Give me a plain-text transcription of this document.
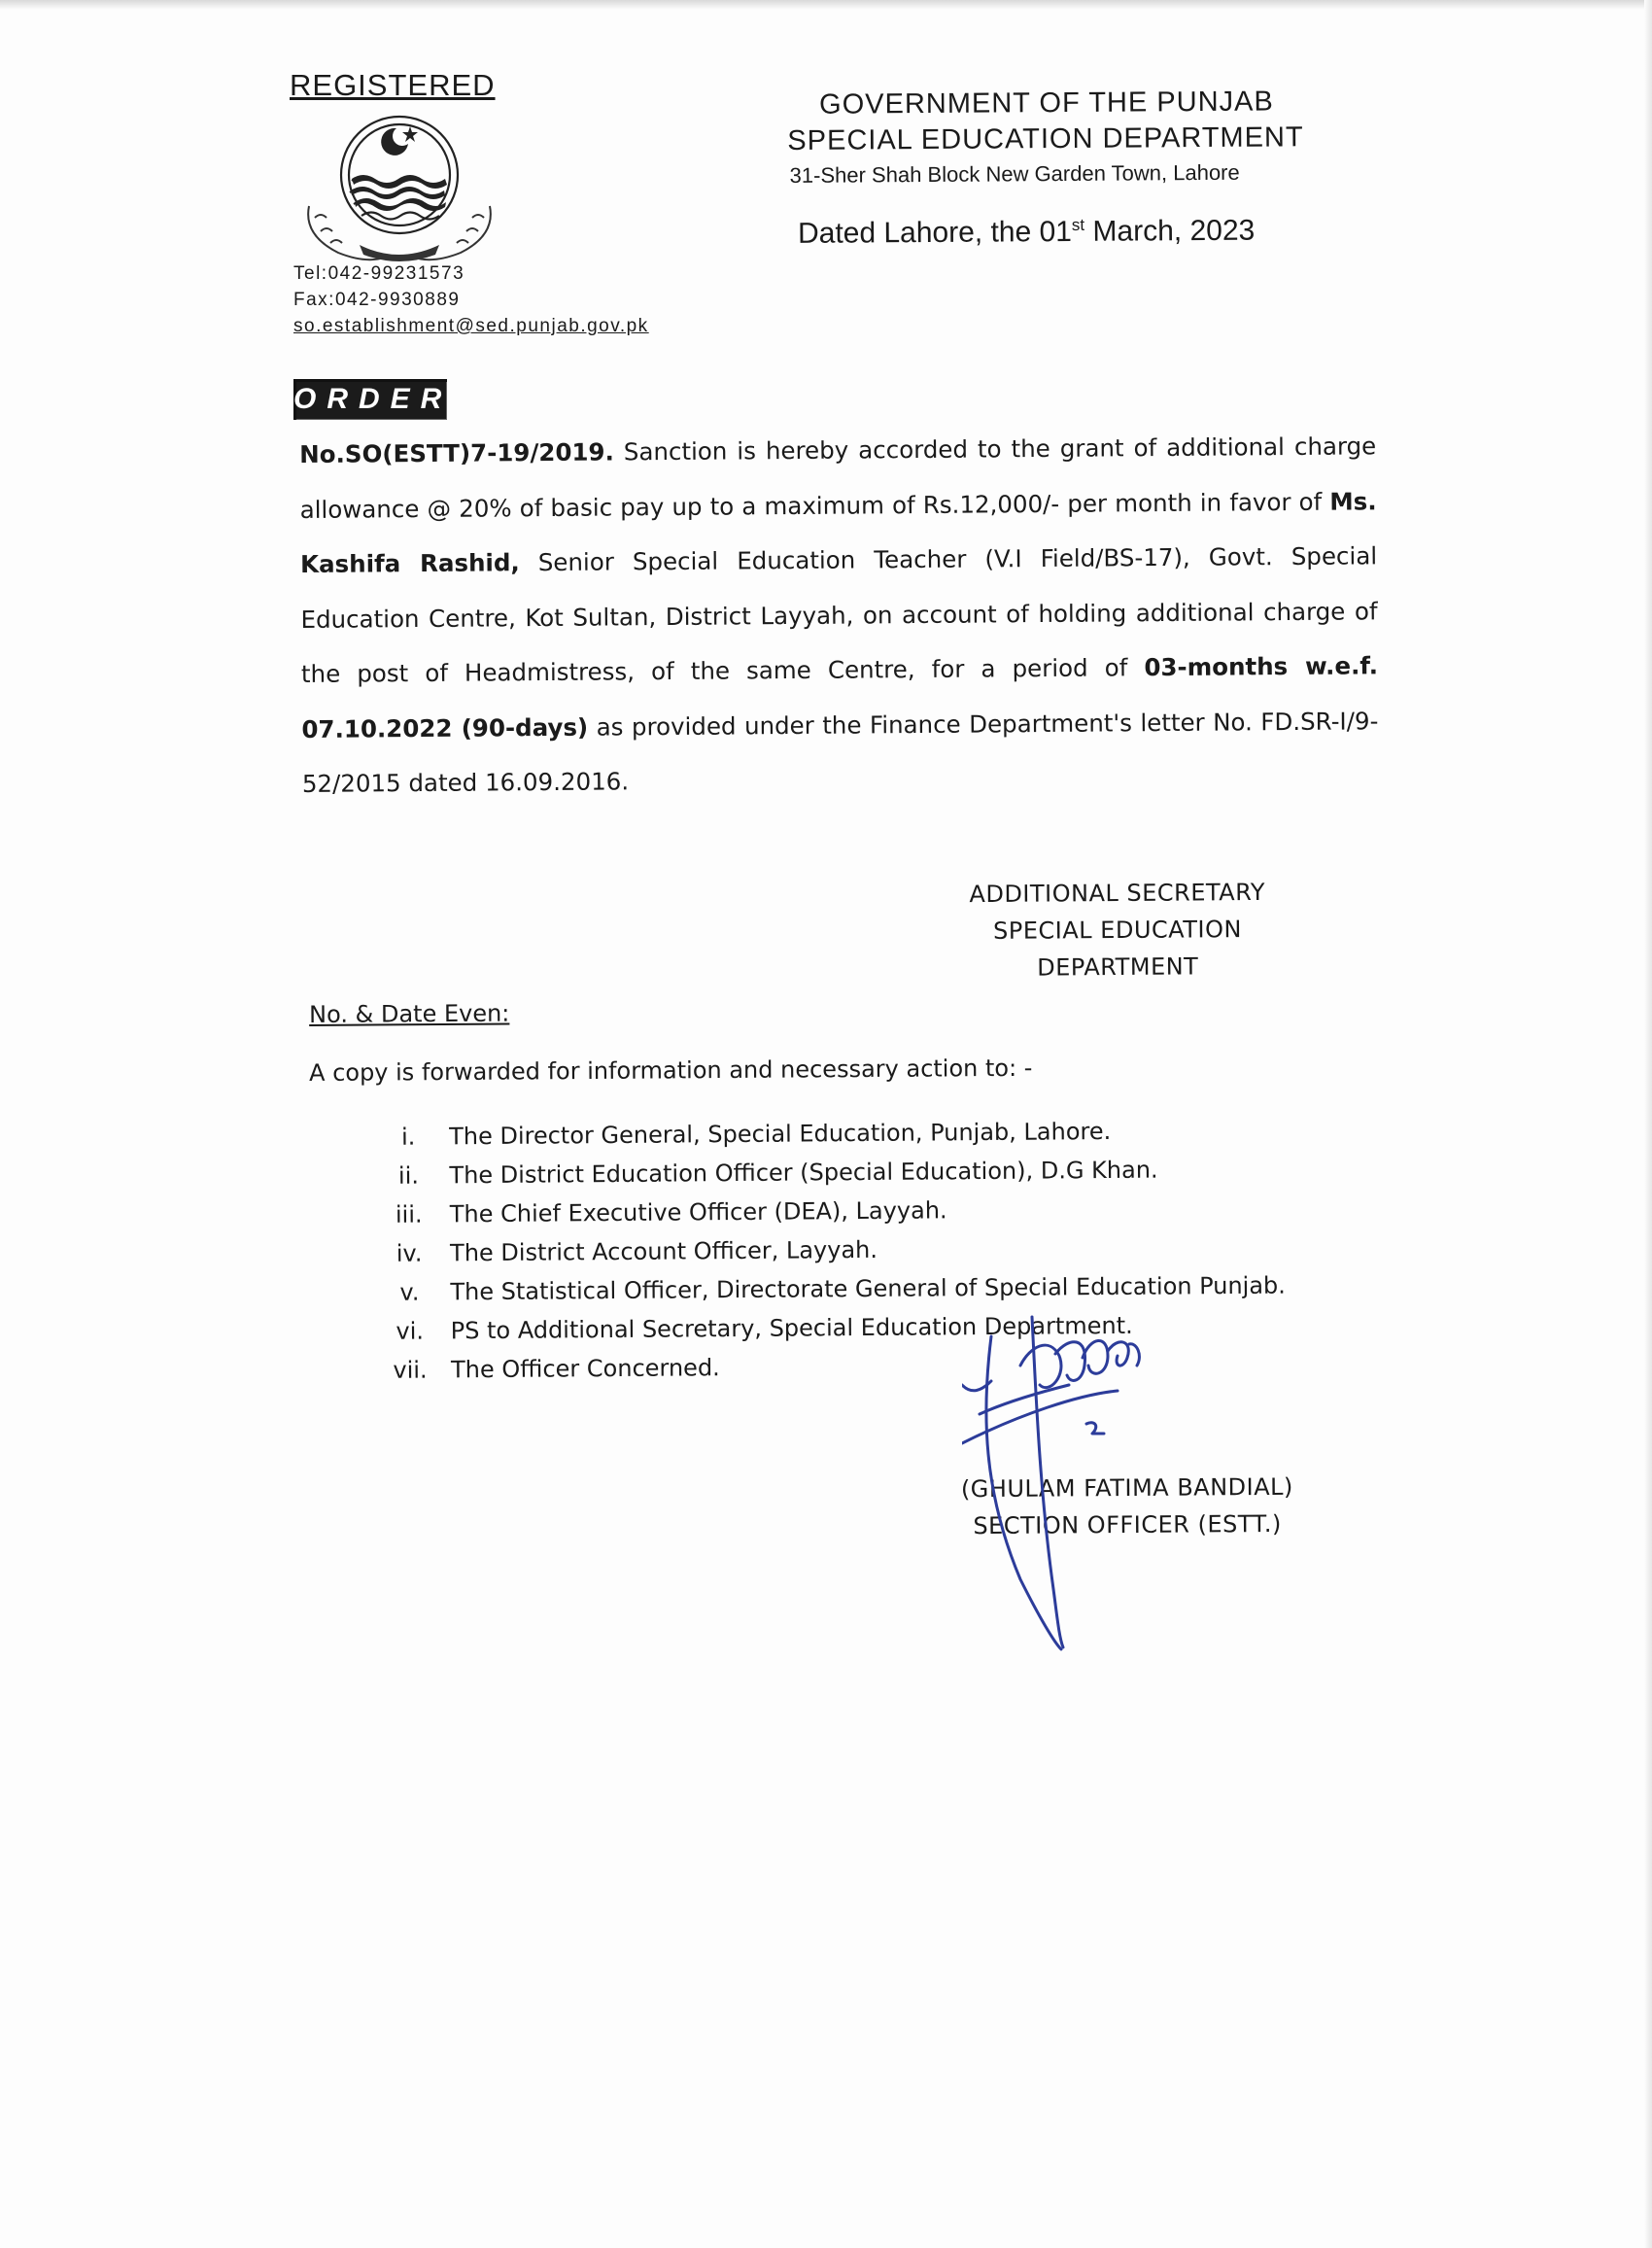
REGISTERED
Tel:042-99231573
Fax:042-9930889
so.establishment@sed.punjab.gov.pk
GOVERNMENT OF THE PUNJAB
SPECIAL EDUCATION DEPARTMENT
31-Sher Shah Block New Garden Town, Lahore
Dated Lahore, the 01st March, 2023
ORDER
No.SO(ESTT)7-19/2019. Sanction is hereby accorded to the grant of additional charge allowance @ 20% of basic pay up to a maximum of Rs.12,000/- per month in favor of Ms. Kashifa Rashid, Senior Special Education Teacher (V.I Field/BS-17), Govt. Special Education Centre, Kot Sultan, District Layyah, on account of holding additional charge of the post of Headmistress, of the same Centre, for a period of 03-months w.e.f. 07.10.2022 (90-days) as provided under the Finance Department's letter No. FD.SR-I/9-52/2015 dated 16.09.2016.
ADDITIONAL SECRETARY
SPECIAL EDUCATION
DEPARTMENT
No. & Date Even:
A copy is forwarded for information and necessary action to: -
i.	The Director General, Special Education, Punjab, Lahore.
ii.	The District Education Officer (Special Education), D.G Khan.
iii.	The Chief Executive Officer (DEA), Layyah.
iv.	The District Account Officer, Layyah.
v.	The Statistical Officer, Directorate General of Special Education Punjab.
vi.	PS to Additional Secretary, Special Education Department.
vii.	The Officer Concerned.
(GHULAM FATIMA BANDIAL)
SECTION OFFICER (ESTT.)
